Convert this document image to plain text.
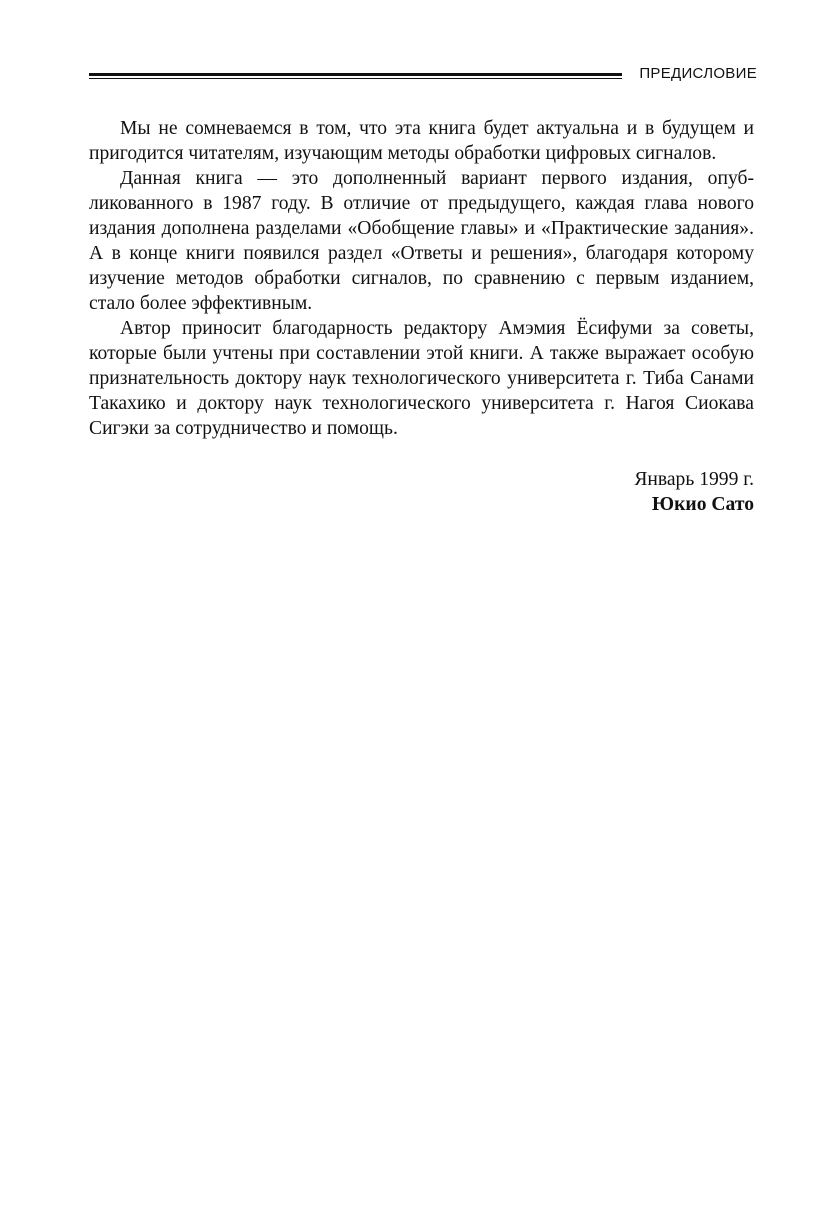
ПРЕДИСЛОВИЕ

Мы не сомневаемся в том, что эта книга будет актуальна и в будущем и пригодится читателям, изучающим методы обработки цифровых сигналов.

Данная книга — это дополненный вариант первого издания, опубликованного в 1987 году. В отличие от предыдущего, каждая глава нового издания дополнена разделами «Обобщение главы» и «Практические задания». А в конце книги появился раздел «Ответы и решения», благодаря которому изучение методов обработки сигналов, по сравнению с первым изданием, стало более эффективным.

Автор приносит благодарность редактору Амэмия Ёсифуми за советы, которые были учтены при составлении этой книги. А также выражает особую признательность доктору наук технологического университета г. Тиба Санами Такахико и доктору наук технологического университета г. Нагоя Сиокава Сигэки за сотрудничество и помощь.

Январь 1999 г.
Юкио Сато
